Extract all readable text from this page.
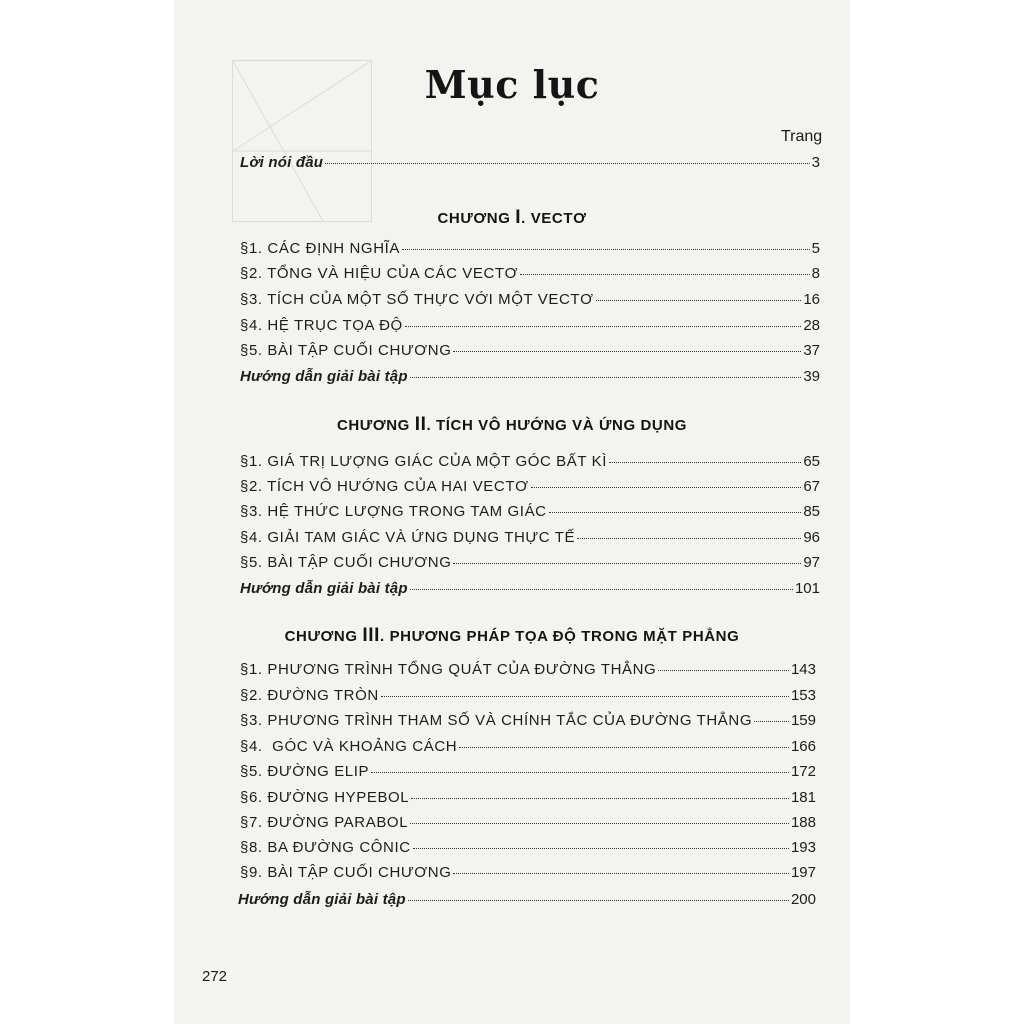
Mục lục
Trang
Lời nói đầu	3
CHƯƠNG I. VECTƠ
§1. CÁC ĐỊNH NGHĨA	5
§2. TỔNG VÀ HIỆU CỦA CÁC VECTƠ	8
§3. TÍCH CỦA MỘT SỐ THỰC VỚI MỘT VECTƠ	16
§4. HỆ TRỤC TỌA ĐỘ	28
§5. BÀI TẬP CUỐI CHƯƠNG	37
Hướng dẫn giải bài tập	39
CHƯƠNG II. TÍCH VÔ HƯỚNG VÀ ỨNG DỤNG
§1. GIÁ TRỊ LƯỢNG GIÁC CỦA MỘT GÓC BẤT KÌ	65
§2. TÍCH VÔ HƯỚNG CỦA HAI VECTƠ	67
§3. HỆ THỨC LƯỢNG TRONG TAM GIÁC	85
§4. GIẢI TAM GIÁC VÀ ỨNG DỤNG THỰC TẾ	96
§5. BÀI TẬP CUỐI CHƯƠNG	97
Hướng dẫn giải bài tập	101
CHƯƠNG III. PHƯƠNG PHÁP TỌA ĐỘ TRONG MẶT PHẲNG
§1. PHƯƠNG TRÌNH TỔNG QUÁT CỦA ĐƯỜNG THẲNG	143
§2. ĐƯỜNG TRÒN	153
§3. PHƯƠNG TRÌNH THAM SỐ VÀ CHÍNH TẮC CỦA ĐƯỜNG THẲNG	159
§4.  GÓC VÀ KHOẢNG CÁCH	166
§5. ĐƯỜNG ELIP	172
§6. ĐƯỜNG HYPEBOL	181
§7. ĐƯỜNG PARABOL	188
§8. BA ĐƯỜNG CÔNIC	193
§9. BÀI TẬP CUỐI CHƯƠNG	197
Hướng dẫn giải bài tập	200
272
